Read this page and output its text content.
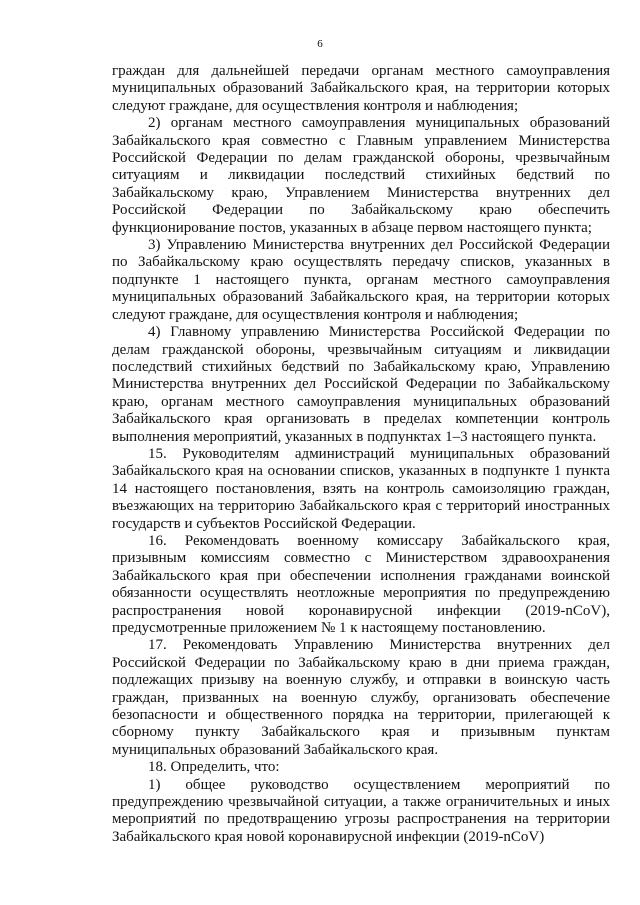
6

граждан для дальнейшей передачи органам местного самоуправления муниципальных образований Забайкальского края, на территории которых следуют граждане, для осуществления контроля и наблюдения;

2) органам местного самоуправления муниципальных образований Забайкальского края совместно с Главным управлением Министерства Российской Федерации по делам гражданской обороны, чрезвычайным ситуациям и ликвидации последствий стихийных бедствий по Забайкальскому краю, Управлением Министерства внутренних дел Российской Федерации по Забайкальскому краю обеспечить функционирование постов, указанных в абзаце первом настоящего пункта;

3) Управлению Министерства внутренних дел Российской Федерации по Забайкальскому краю осуществлять передачу списков, указанных в подпункте 1 настоящего пункта, органам местного самоуправления муниципальных образований Забайкальского края, на территории которых следуют граждане, для осуществления контроля и наблюдения;

4) Главному управлению Министерства Российской Федерации по делам гражданской обороны, чрезвычайным ситуациям и ликвидации последствий стихийных бедствий по Забайкальскому краю, Управлению Министерства внутренних дел Российской Федерации по Забайкальскому краю, органам местного самоуправления муниципальных образований Забайкальского края организовать в пределах компетенции контроль выполнения мероприятий, указанных в подпунктах 1–3 настоящего пункта.

15. Руководителям администраций муниципальных образований Забайкальского края на основании списков, указанных в подпункте 1 пункта 14 настоящего постановления, взять на контроль самоизоляцию граждан, въезжающих на территорию Забайкальского края с территорий иностранных государств и субъектов Российской Федерации.

16. Рекомендовать военному комиссару Забайкальского края, призывным комиссиям совместно с Министерством здравоохранения Забайкальского края при обеспечении исполнения гражданами воинской обязанности осуществлять неотложные мероприятия по предупреждению распространения новой коронавирусной инфекции (2019-nCoV), предусмотренные приложением № 1 к настоящему постановлению.

17. Рекомендовать Управлению Министерства внутренних дел Российской Федерации по Забайкальскому краю в дни приема граждан, подлежащих призыву на военную службу, и отправки в воинскую часть граждан, призванных на военную службу, организовать обеспечение безопасности и общественного порядка на территории, прилегающей к сборному пункту Забайкальского края и призывным пунктам муниципальных образований Забайкальского края.

18. Определить, что:

1) общее руководство осуществлением мероприятий по предупреждению чрезвычайной ситуации, а также ограничительных и иных мероприятий по предотвращению угрозы распространения на территории Забайкальского края новой коронавирусной инфекции (2019-nCoV)
